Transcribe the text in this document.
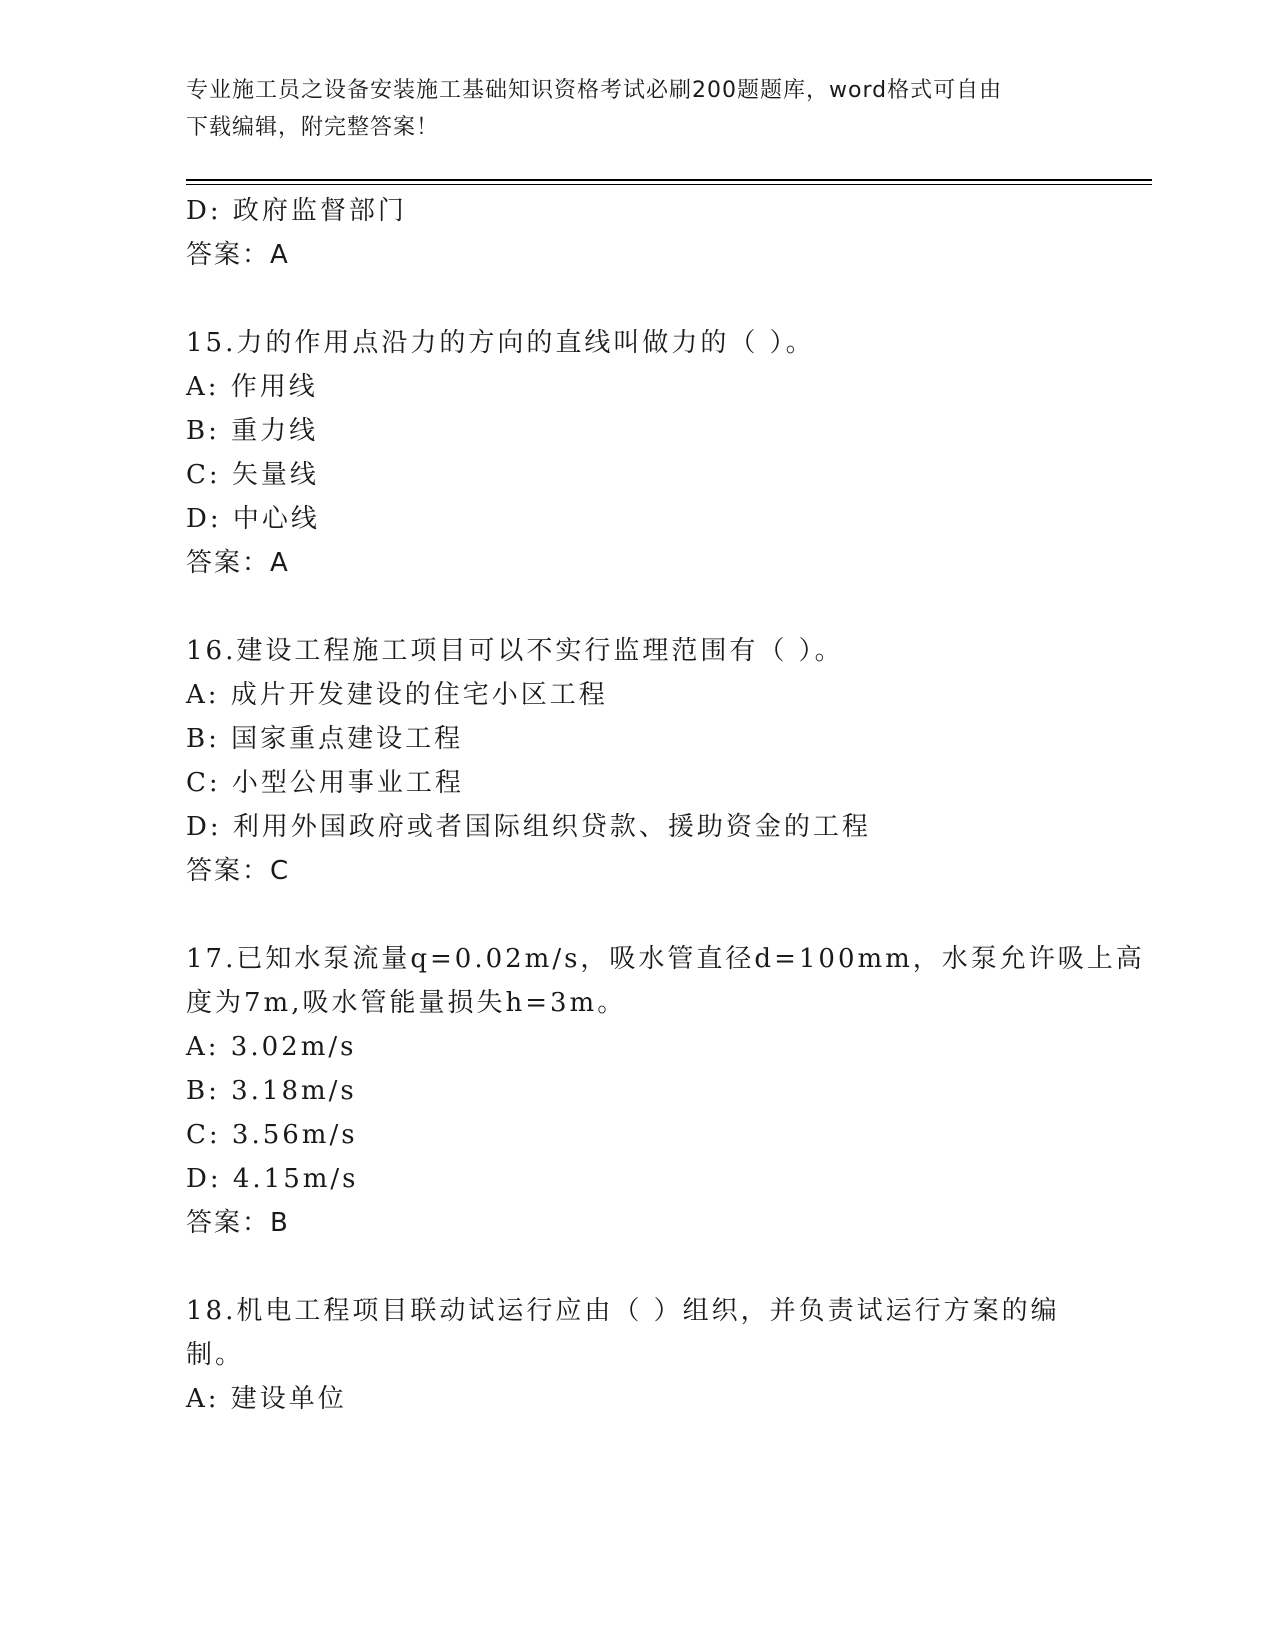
专业施工员之设备安装施工基础知识资格考试必刷200题题库，word格式可自由
下载编辑，附完整答案！
D: 政府监督部门
答案：A
15.力的作用点沿力的方向的直线叫做力的（ ）。
A: 作用线
B: 重力线
C: 矢量线
D: 中心线
答案：A
16.建设工程施工项目可以不实行监理范围有（ ）。
A: 成片开发建设的住宅小区工程
B: 国家重点建设工程
C: 小型公用事业工程
D: 利用外国政府或者国际组织贷款、援助资金的工程
答案：C
17.已知水泵流量q=0.02m/s，吸水管直径d=100mm，水泵允许吸上高
度为7m,吸水管能量损失h=3m。
A: 3.02m/s
B: 3.18m/s
C: 3.56m/s
D: 4.15m/s
答案：B
18.机电工程项目联动试运行应由（ ）组织，并负责试运行方案的编
制。
A: 建设单位
